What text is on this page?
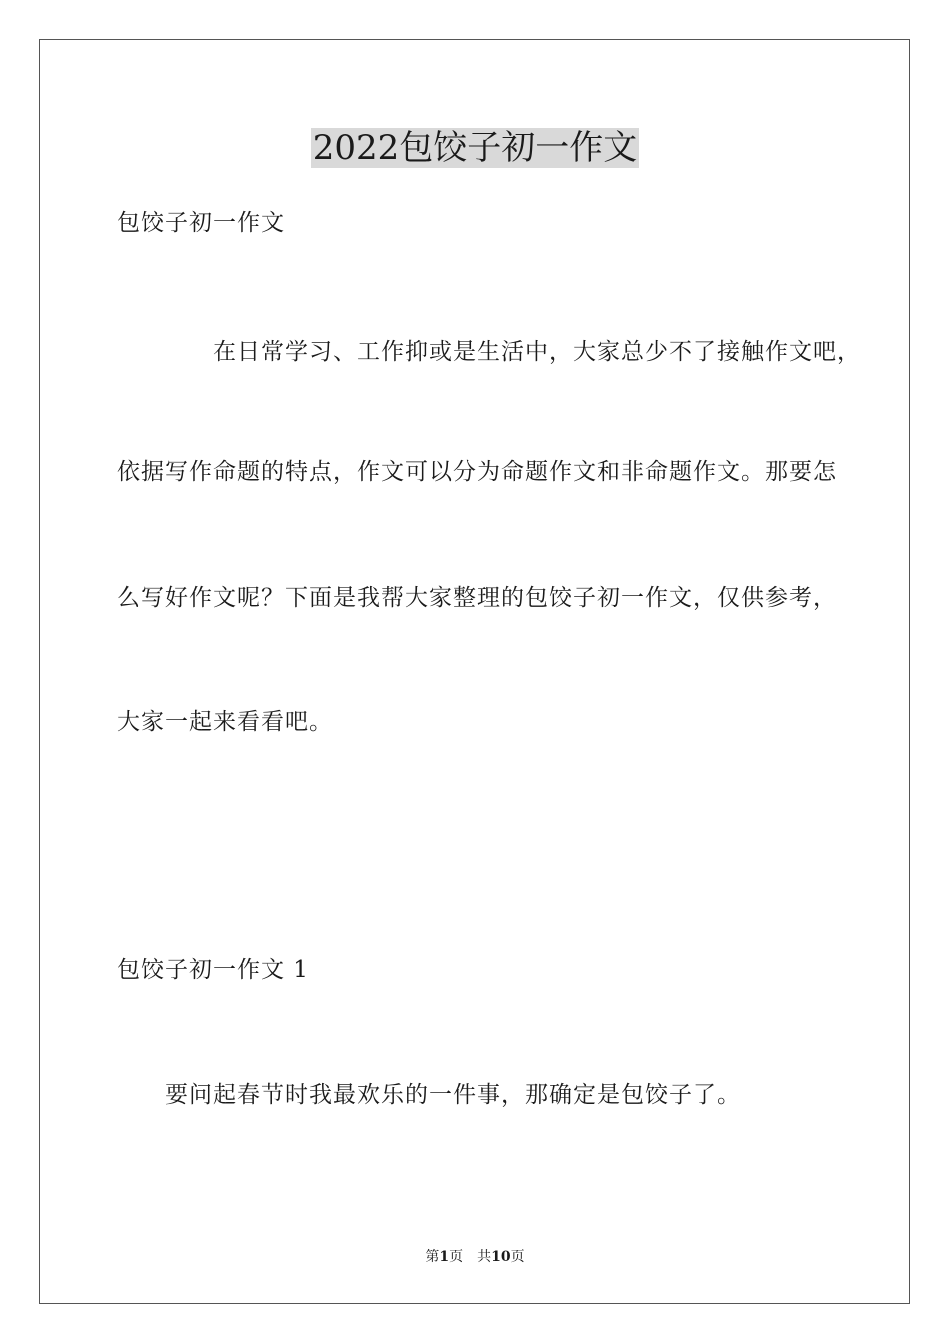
2022包饺子初一作文
包饺子初一作文
在日常学习、工作抑或是生活中，大家总少不了接触作文吧，
依据写作命题的特点，作文可以分为命题作文和非命题作文。那要怎
么写好作文呢？下面是我帮大家整理的包饺子初一作文，仅供参考，
大家一起来看看吧。
包饺子初一作文 1
要问起春节时我最欢乐的一件事，那确定是包饺子了。
第1页　共10页
